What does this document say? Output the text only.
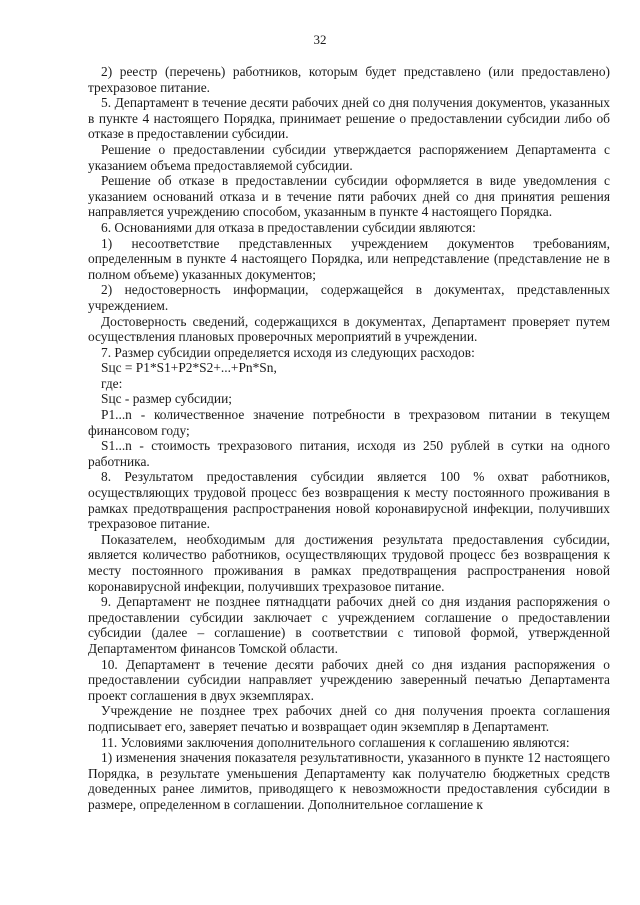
32

2) реестр (перечень) работников, которым будет представлено (или предоставлено) трехразовое питание.

5. Департамент в течение десяти рабочих дней со дня получения документов, указанных в пункте 4 настоящего Порядка, принимает решение о предоставлении субсидии либо об отказе в предоставлении субсидии.

Решение о предоставлении субсидии утверждается распоряжением Департамента с указанием объема предоставляемой субсидии.

Решение об отказе в предоставлении субсидии оформляется в виде уведомления с указанием оснований отказа и в течение пяти рабочих дней со дня принятия решения направляется учреждению способом, указанным в пункте 4 настоящего Порядка.

6. Основаниями для отказа в предоставлении субсидии являются:

1) несоответствие представленных учреждением документов требованиям, определенным в пункте 4 настоящего Порядка, или непредставление (представление не в полном объеме) указанных документов;

2) недостоверность информации, содержащейся в документах, представленных учреждением.

Достоверность сведений, содержащихся в документах, Департамент проверяет путем осуществления плановых проверочных мероприятий в учреждении.

7. Размер субсидии определяется исходя из следующих расходов:

Sцс = P1*S1+P2*S2+...+Pn*Sn,

где:

Sцс - размер субсидии;

P1...n - количественное значение потребности в трехразовом питании в текущем финансовом году;

S1...n - стоимость трехразового питания, исходя из 250 рублей в сутки на одного работника.

8. Результатом предоставления субсидии является 100 % охват работников, осуществляющих трудовой процесс без возвращения к месту постоянного проживания в рамках предотвращения распространения новой коронавирусной инфекции, получивших трехразовое питание.

Показателем, необходимым для достижения результата предоставления субсидии, является количество работников, осуществляющих трудовой процесс без возвращения к месту постоянного проживания в рамках предотвращения распространения новой коронавирусной инфекции, получивших трехразовое питание.

9. Департамент не позднее пятнадцати рабочих дней со дня издания распоряжения о предоставлении субсидии заключает с учреждением соглашение о предоставлении субсидии (далее – соглашение) в соответствии с типовой формой, утвержденной Департаментом финансов Томской области.

10. Департамент в течение десяти рабочих дней со дня издания распоряжения о предоставлении субсидии направляет учреждению заверенный печатью Департамента проект соглашения в двух экземплярах.

Учреждение не позднее трех рабочих дней со дня получения проекта соглашения подписывает его, заверяет печатью и возвращает один экземпляр в Департамент.

11. Условиями заключения дополнительного соглашения к соглашению являются:

1) изменения значения показателя результативности, указанного в пункте 12 настоящего Порядка, в результате уменьшения Департаменту как получателю бюджетных средств доведенных ранее лимитов, приводящего к невозможности предоставления субсидии в размере, определенном в соглашении. Дополнительное соглашение к
